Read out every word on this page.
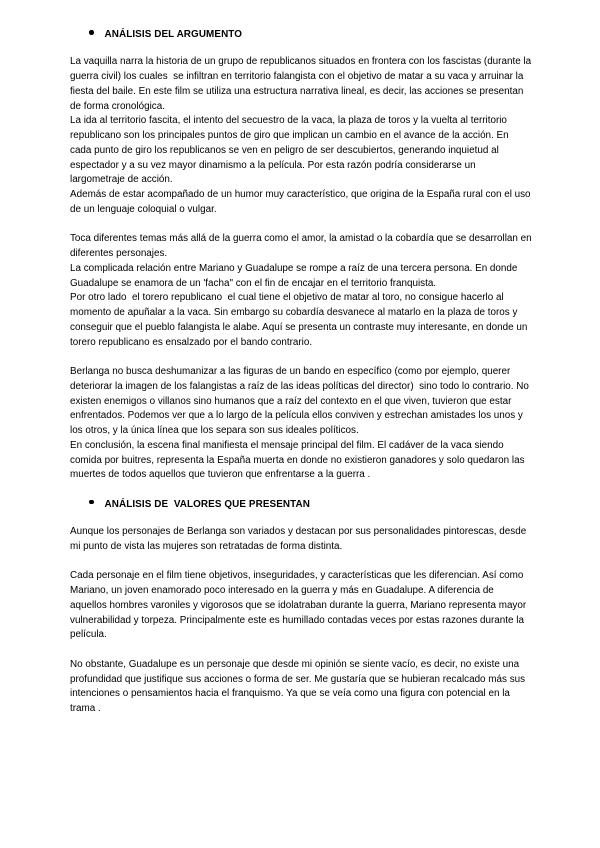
ANÁLISIS DEL ARGUMENTO

La vaquilla narra la historia de un grupo de republicanos situados en frontera con los fascistas (durante la guerra civil) los cuales  se infiltran en territorio falangista con el objetivo de matar a su vaca y arruinar la fiesta del baile. En este film se utiliza una estructura narrativa lineal, es decir, las acciones se presentan de forma cronológica.

La ida al territorio fascita, el intento del secuestro de la vaca, la plaza de toros y la vuelta al territorio republicano son los principales puntos de giro que implican un cambio en el avance de la acción. En cada punto de giro los republicanos se ven en peligro de ser descubiertos, generando inquietud al espectador y a su vez mayor dinamismo a la película. Por esta razón podría considerarse un largometraje de acción.

Además de estar acompañado de un humor muy característico, que origina de la España rural con el uso de un lenguaje coloquial o vulgar.

Toca diferentes temas más allá de la guerra como el amor, la amistad o la cobardía que se desarrollan en diferentes personajes.

La complicada relación entre Mariano y Guadalupe se rompe a raíz de una tercera persona. En donde Guadalupe se enamora de un 'facha" con el fin de encajar en el territorio franquista.

Por otro lado  el torero republicano  el cual tiene el objetivo de matar al toro, no consigue hacerlo al momento de apuñalar a la vaca. Sin embargo su cobardía desvanece al matarlo en la plaza de toros y conseguir que el pueblo falangista le alabe. Aquí se presenta un contraste muy interesante, en donde un torero republicano es ensalzado por el bando contrario.

Berlanga no busca deshumanizar a las figuras de un bando en específico (como por ejemplo, querer deteriorar la imagen de los falangistas a raíz de las ideas políticas del director)  sino todo lo contrario. No existen enemigos o villanos sino humanos que a raíz del contexto en el que viven, tuvieron que estar enfrentados. Podemos ver que a lo largo de la película ellos conviven y estrechan amistades los unos y los otros, y la única línea que los separa son sus ideales políticos.

En conclusión, la escena final manifiesta el mensaje principal del film. El cadáver de la vaca siendo comida por buitres, representa la España muerta en donde no existieron ganadores y solo quedaron las muertes de todos aquellos que tuvieron que enfrentarse a la guerra .

ANÁLISIS DE  VALORES QUE PRESENTAN

Aunque los personajes de Berlanga son variados y destacan por sus personalidades pintorescas, desde mi punto de vista las mujeres son retratadas de forma distinta.

Cada personaje en el film tiene objetivos, inseguridades, y características que les diferencian. Así como Mariano, un joven enamorado poco interesado en la guerra y más en Guadalupe. A diferencia de aquellos hombres varoniles y vigorosos que se idolatraban durante la guerra, Mariano representa mayor vulnerabilidad y torpeza. Principalmente este es humillado contadas veces por estas razones durante la película.

No obstante, Guadalupe es un personaje que desde mi opinión se siente vacío, es decir, no existe una profundidad que justifique sus acciones o forma de ser. Me gustaría que se hubieran recalcado más sus intenciones o pensamientos hacia el franquismo. Ya que se veía como una figura con potencial en la trama .
